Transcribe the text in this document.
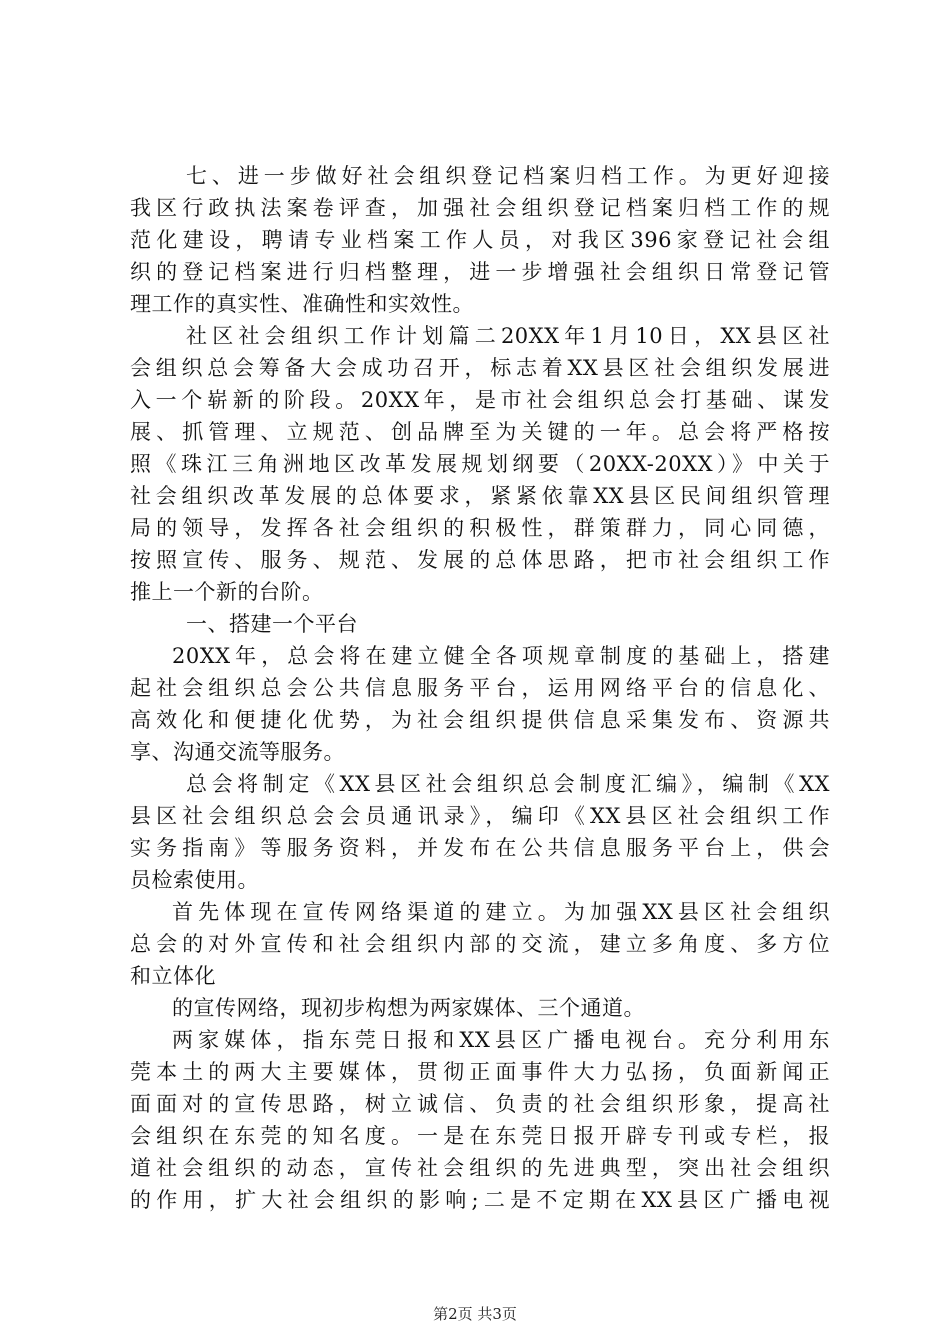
七、进一步做好社会组织登记档案归档工作。为更好迎接
我区行政执法案卷评查，加强社会组织登记档案归档工作的规
范化建设，聘请专业档案工作人员，对我区396家登记社会组
织的登记档案进行归档整理，进一步增强社会组织日常登记管
理工作的真实性、准确性和实效性。
社区社会组织工作计划篇二20XX年1月10日，XX县区社
会组织总会筹备大会成功召开，标志着XX县区社会组织发展进
入一个崭新的阶段。20XX年，是市社会组织总会打基础、谋发
展、抓管理、立规范、创品牌至为关键的一年。总会将严格按
照《珠江三角洲地区改革发展规划纲要（20XX-20XX）》中关于
社会组织改革发展的总体要求，紧紧依靠XX县区民间组织管理
局的领导，发挥各社会组织的积极性，群策群力，同心同德，
按照宣传、服务、规范、发展的总体思路，把市社会组织工作
推上一个新的台阶。
一、搭建一个平台
20XX年，总会将在建立健全各项规章制度的基础上，搭建
起社会组织总会公共信息服务平台，运用网络平台的信息化、
高效化和便捷化优势，为社会组织提供信息采集发布、资源共
享、沟通交流等服务。
总会将制定《XX县区社会组织总会制度汇编》，编制《XX
县区社会组织总会会员通讯录》，编印《XX县区社会组织工作
实务指南》等服务资料，并发布在公共信息服务平台上，供会
员检索使用。
首先体现在宣传网络渠道的建立。为加强XX县区社会组织
总会的对外宣传和社会组织内部的交流，建立多角度、多方位
和立体化
的宣传网络，现初步构想为两家媒体、三个通道。
两家媒体，指东莞日报和XX县区广播电视台。充分利用东
莞本土的两大主要媒体，贯彻正面事件大力弘扬，负面新闻正
面面对的宣传思路，树立诚信、负责的社会组织形象，提高社
会组织在东莞的知名度。一是在东莞日报开辟专刊或专栏，报
道社会组织的动态，宣传社会组织的先进典型，突出社会组织
的作用，扩大社会组织的影响;二是不定期在XX县区广播电视
第2页 共3页
